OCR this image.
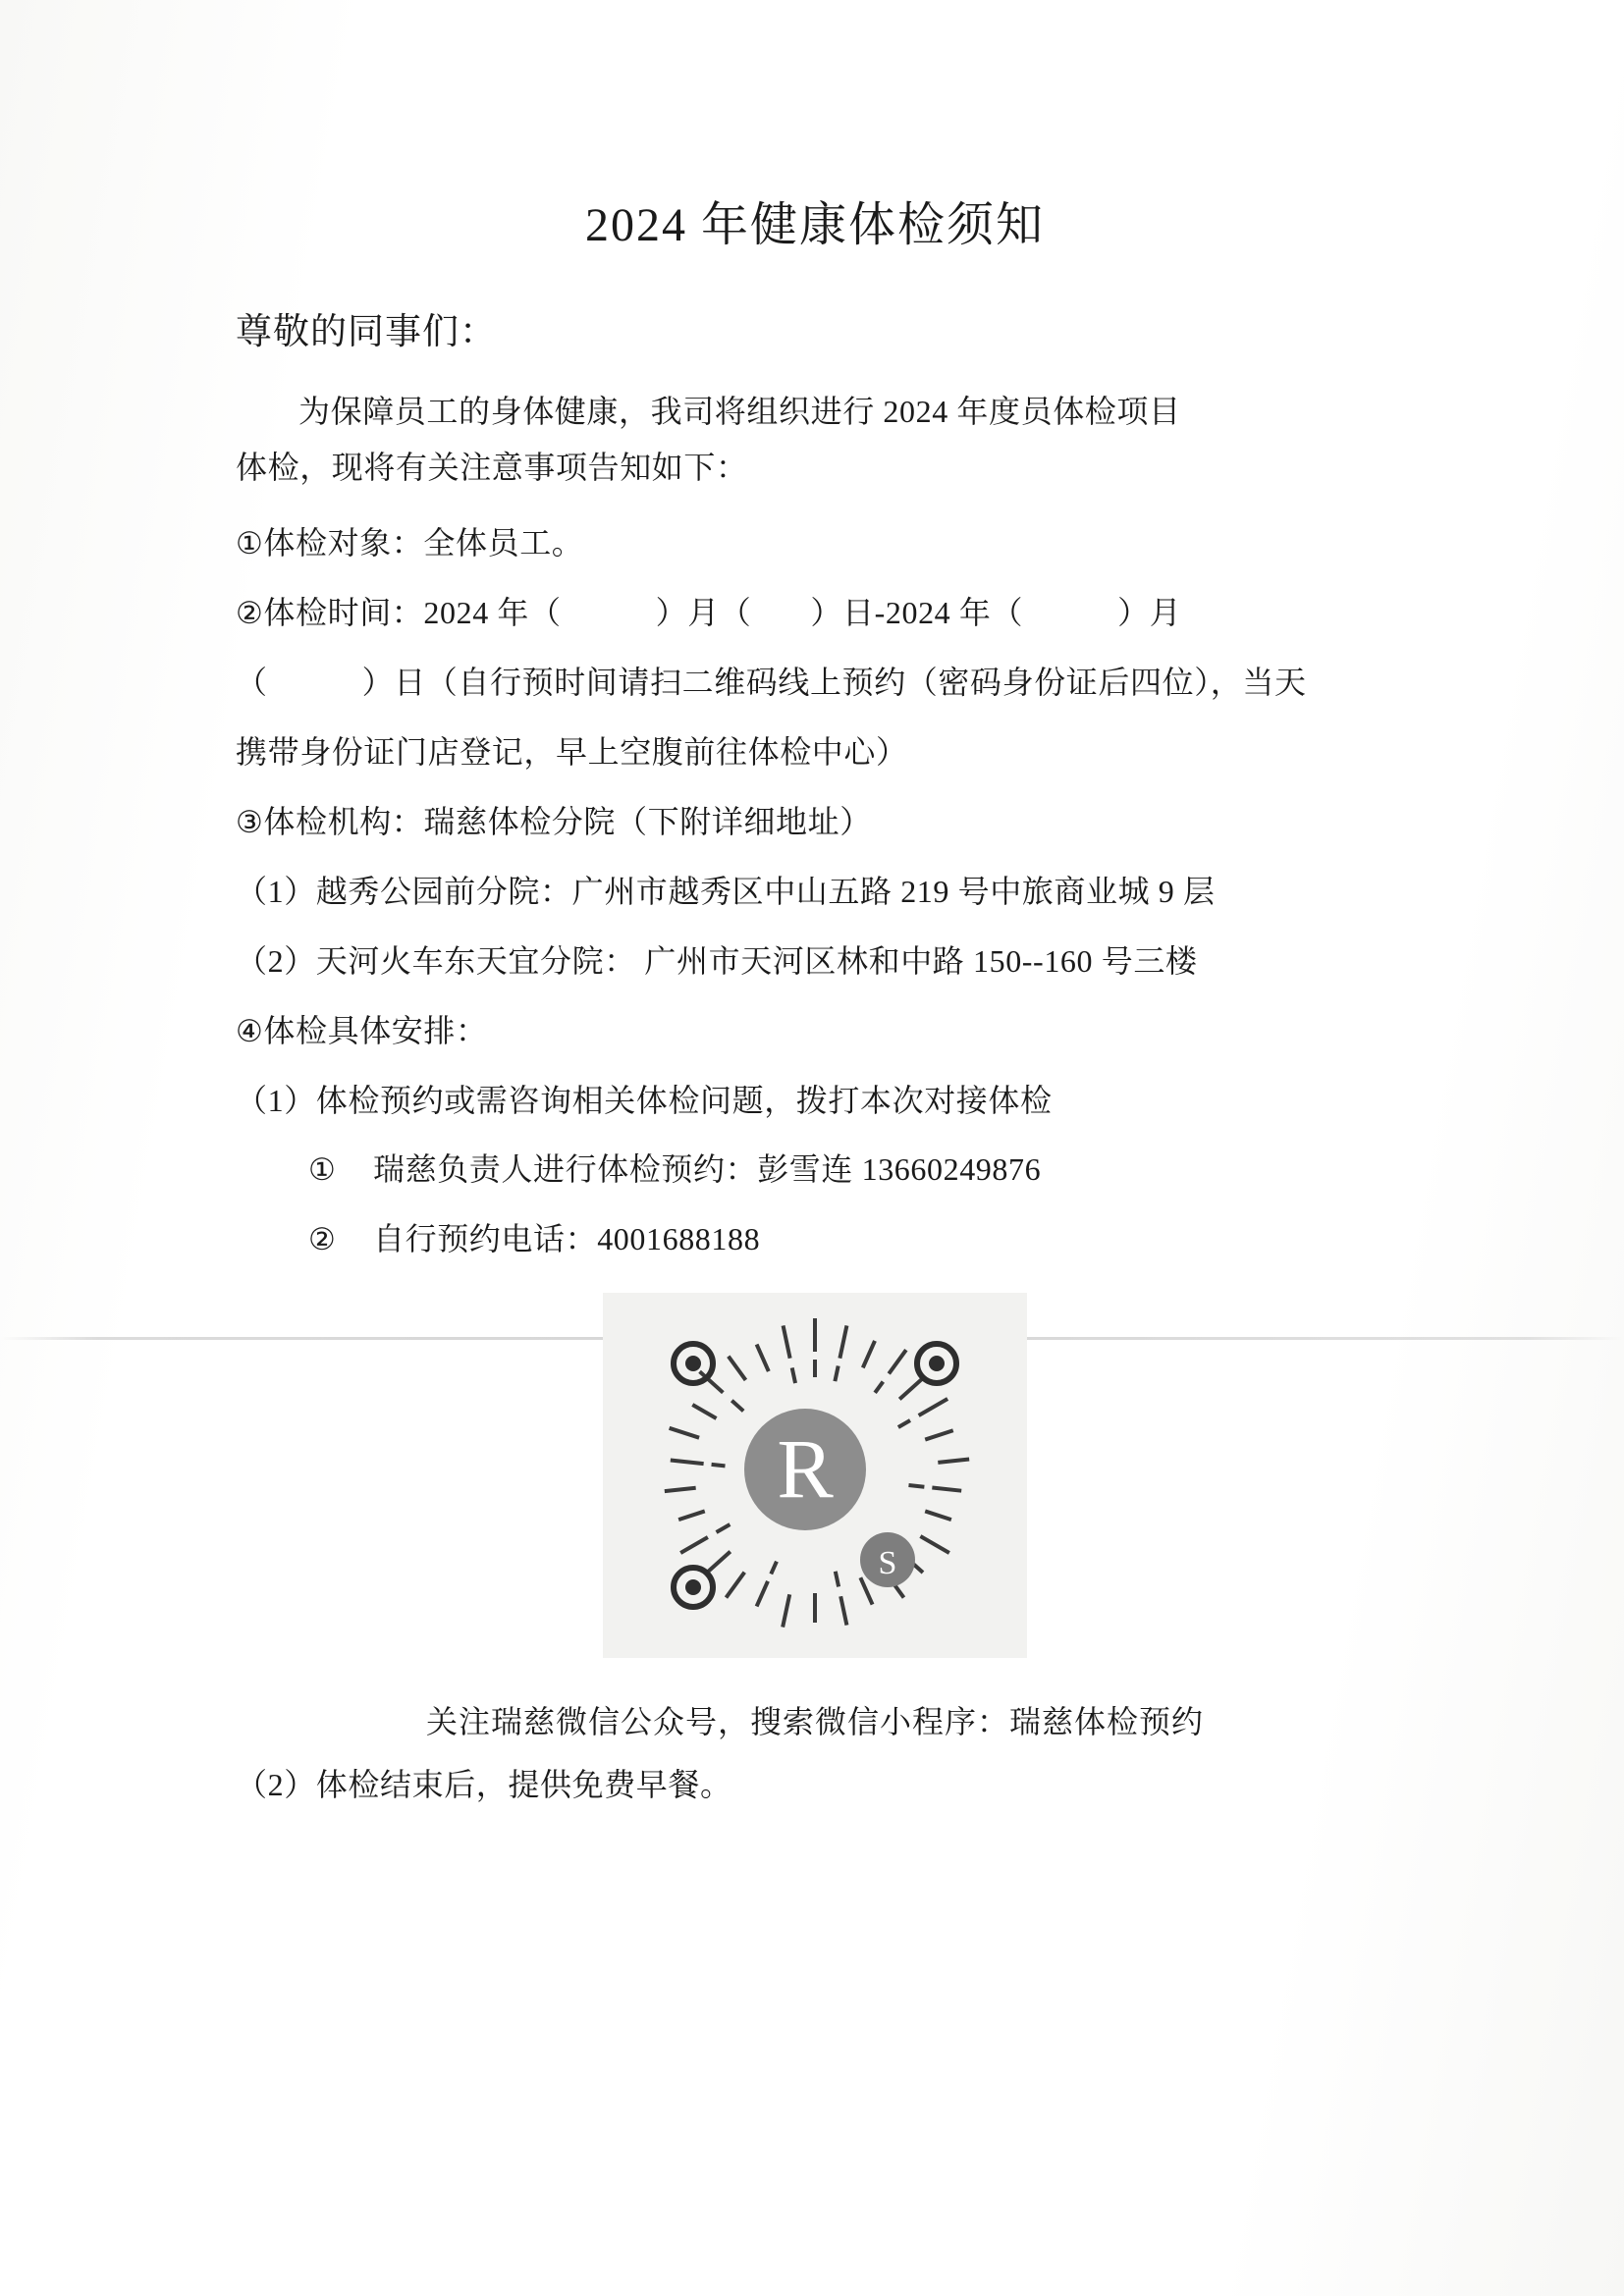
2024 年健康体检须知

尊敬的同事们：

为保障员工的身体健康，我司将组织进行 2024 年度员体检项目

体检，现将有关注意事项告知如下：

①体检对象：全体员工。

②体检时间：2024 年（	）月（ ）日-2024 年（	）月

（	）日（自行预时间请扫二维码线上预约（密码身份证后四位），当天

携带身份证门店登记，早上空腹前往体检中心）

③体检机构：瑞慈体检分院（下附详细地址）

（1）越秀公园前分院：广州市越秀区中山五路 219 号中旅商业城 9 层

（2）天河火车东天宜分院： 广州市天河区林和中路 150--160 号三楼

④体检具体安排：

（1）体检预约或需咨询相关体检问题，拨打本次对接体检

① 瑞慈负责人进行体检预约：彭雪连 13660249876

② 自行预约电话：4001688188

R
S

关注瑞慈微信公众号，搜索微信小程序：瑞慈体检预约

（2）体检结束后，提供免费早餐。
